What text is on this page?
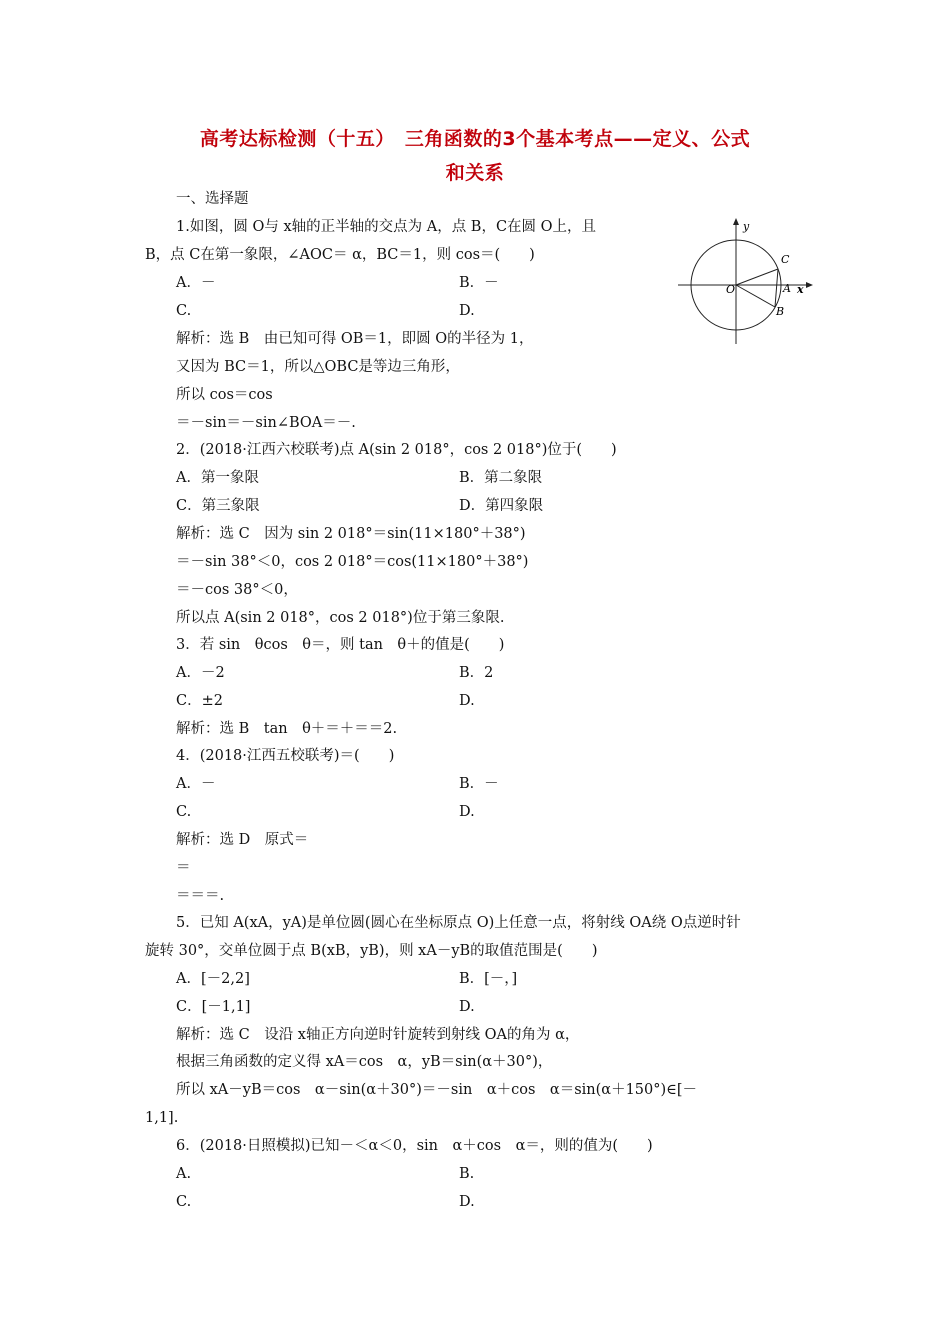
高考达标检测（十五）　三角函数的3个基本考点——定义、公式
和关系
一、选择题
1.如图，圆 O与 x轴的正半轴的交点为 A，点 B，C在圆 O上，且
B，点 C在第一象限，∠AOC＝ α，BC＝1，则 cos＝(　　)
A．－	B．－
C.	D.
解析：选 B　由已知可得 OB＝1，即圆 O的半径为 1，
又因为 BC＝1，所以△OBC是等边三角形，
所以 cos＝cos
＝－sin＝－sin∠BOA＝－.
y
x
O	A
B
C
2．(2018·江西六校联考)点 A(sin 2 018°，cos 2 018°)位于(　　)
A．第一象限	B．第二象限
C．第三象限	D．第四象限
解析：选 C　因为 sin 2 018°＝sin(11×180°＋38°)
＝－sin 38°＜0，cos 2 018°＝cos(11×180°＋38°)
＝－cos 38°＜0，
所以点 A(sin 2 018°，cos 2 018°)位于第三象限.
3．若 sin　θcos　θ＝，则 tan　θ＋的值是(　　)
A．－2	B．2
C．±2	D.
解析：选 B　tan　θ＋＝＋＝＝2.
4．(2018·江西五校联考)＝(　　)
A．－	B．－
C.	D.
解析：选 D　原式＝
＝
＝＝＝.
5．已知 A(xA，yA)是单位圆(圆心在坐标原点 O)上任意一点，将射线 OA绕 O点逆时针
旋转 30°，交单位圆于点 B(xB，yB)，则 xA－yB的取值范围是(　　)
A．[－2,2]	B．[－，]
C．[－1,1]	D.
解析：选 C　设沿 x轴正方向逆时针旋转到射线 OA的角为 α，
根据三角函数的定义得 xA＝cos　α，yB＝sin(α＋30°)，
所以 xA－yB＝cos　α－sin(α＋30°)＝－sin　α＋cos　α＝sin(α＋150°)∈[－
1,1].
6．(2018·日照模拟)已知－＜α＜0，sin　α＋cos　α＝，则的值为(　　)
A.	B.
C.	D.
